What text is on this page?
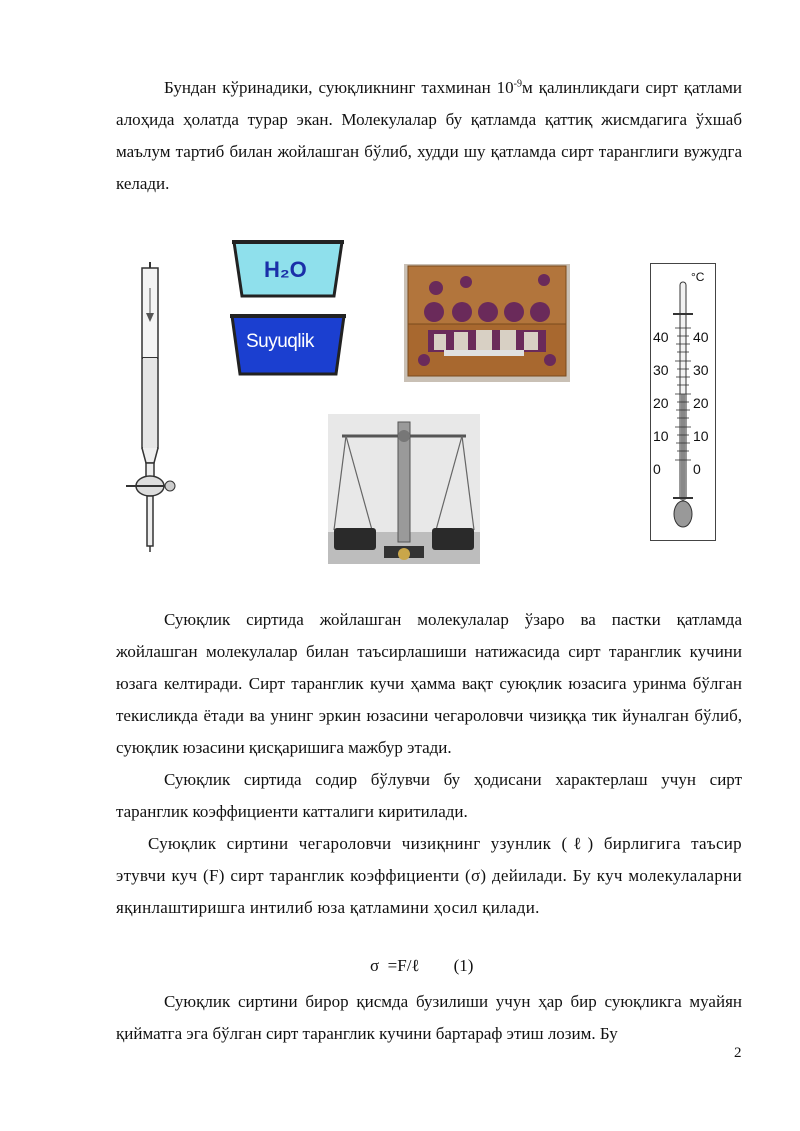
Бундан кўринадики, суюқликнинг тахминан $10^{-9}м$ қалинликдаги сирт қатлами алоҳида ҳолатда турар экан. Молекулалар бу қатламда қаттиқ жисмдагига ўхшаб маълум тартиб билан жойлашган бўлиб, худди шу қатламда сирт таранглиги вужудга келади.
H₂O
Suyuqlik
°C
40
30
20
10
0
40
30
20
10
0
Суюқлик сиртида жойлашган молекулалар ўзаро ва пастки қатламда жойлашган молекулалар билан таъсирлашиши натижасида сирт таранглик кучини юзага келтиради. Сирт таранглик кучи ҳамма вақт суюқлик юзасига уринма бўлган текисликда ётади ва унинг эркин юзасини чегароловчи чизиққа тик йуналган бўлиб, суюқлик юзасини қисқаришига мажбур этади.
Суюқлик сиртида содир бўлувчи бу ҳодисани характерлаш учун сирт таранглик коэффициенти катталиги киритилади.
Суюқлик сиртини чегароловчи чизиқнинг узунлик (ℓ) бирлигига таъсир этувчи куч (F) сирт таранглик коэффициенти (σ) дейилади. Бу куч молекулаларни яқинлаштиришга интилиб юза қатламини ҳосил қилади.
σ  =F/ℓ        (1)
Суюқлик сиртини бирор қисмда бузилиши учун ҳар бир суюқликга муайян қийматга эга бўлган сирт таранглик кучини бартараф этиш лозим. Бу
2
